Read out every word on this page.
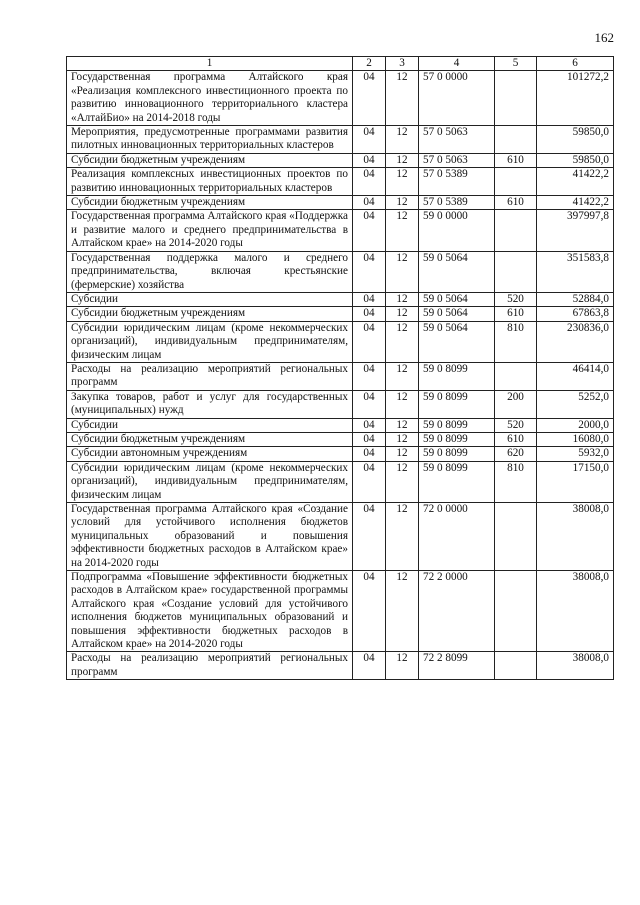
162
1	2	3	4	5	6
Государственная программа Алтайского края «Реализация комплексного инвестиционного проекта по развитию инновационного территориального кластера «АлтайБио» на 2014-2018 годы	04	12	57 0 0000		101272,2
Мероприятия, предусмотренные программами развития пилотных инновационных территориальных кластеров	04	12	57 0 5063		59850,0
Субсидии бюджетным учреждениям	04	12	57 0 5063	610	59850,0
Реализация комплексных инвестиционных проектов по развитию инновационных территориальных кластеров	04	12	57 0 5389		41422,2
Субсидии бюджетным учреждениям	04	12	57 0 5389	610	41422,2
Государственная программа Алтайского края «Поддержка и развитие малого и среднего предпринимательства в Алтайском крае» на 2014-2020 годы	04	12	59 0 0000		397997,8
Государственная поддержка малого и среднего предпринимательства, включая крестьянские (фермерские) хозяйства	04	12	59 0 5064		351583,8
Субсидии	04	12	59 0 5064	520	52884,0
Субсидии бюджетным учреждениям	04	12	59 0 5064	610	67863,8
Субсидии юридическим лицам (кроме некоммерческих организаций), индивидуальным предпринимателям, физическим лицам	04	12	59 0 5064	810	230836,0
Расходы на реализацию мероприятий региональных программ	04	12	59 0 8099		46414,0
Закупка товаров, работ и услуг для государственных (муниципальных) нужд	04	12	59 0 8099	200	5252,0
Субсидии	04	12	59 0 8099	520	2000,0
Субсидии бюджетным учреждениям	04	12	59 0 8099	610	16080,0
Субсидии автономным учреждениям	04	12	59 0 8099	620	5932,0
Субсидии юридическим лицам (кроме некоммерческих организаций), индивидуальным предпринимателям, физическим лицам	04	12	59 0 8099	810	17150,0
Государственная программа Алтайского края «Создание условий для устойчивого исполнения бюджетов муниципальных образований и повышения эффективности бюджетных расходов в Алтайском крае» на 2014-2020 годы	04	12	72 0 0000		38008,0
Подпрограмма «Повышение эффективности бюджетных расходов в Алтайском крае» государственной программы Алтайского края «Создание условий для устойчивого исполнения бюджетов муниципальных образований и повышения эффективности бюджетных расходов в Алтайском крае» на 2014-2020 годы	04	12	72 2 0000		38008,0
Расходы на реализацию мероприятий региональных программ	04	12	72 2 8099		38008,0
